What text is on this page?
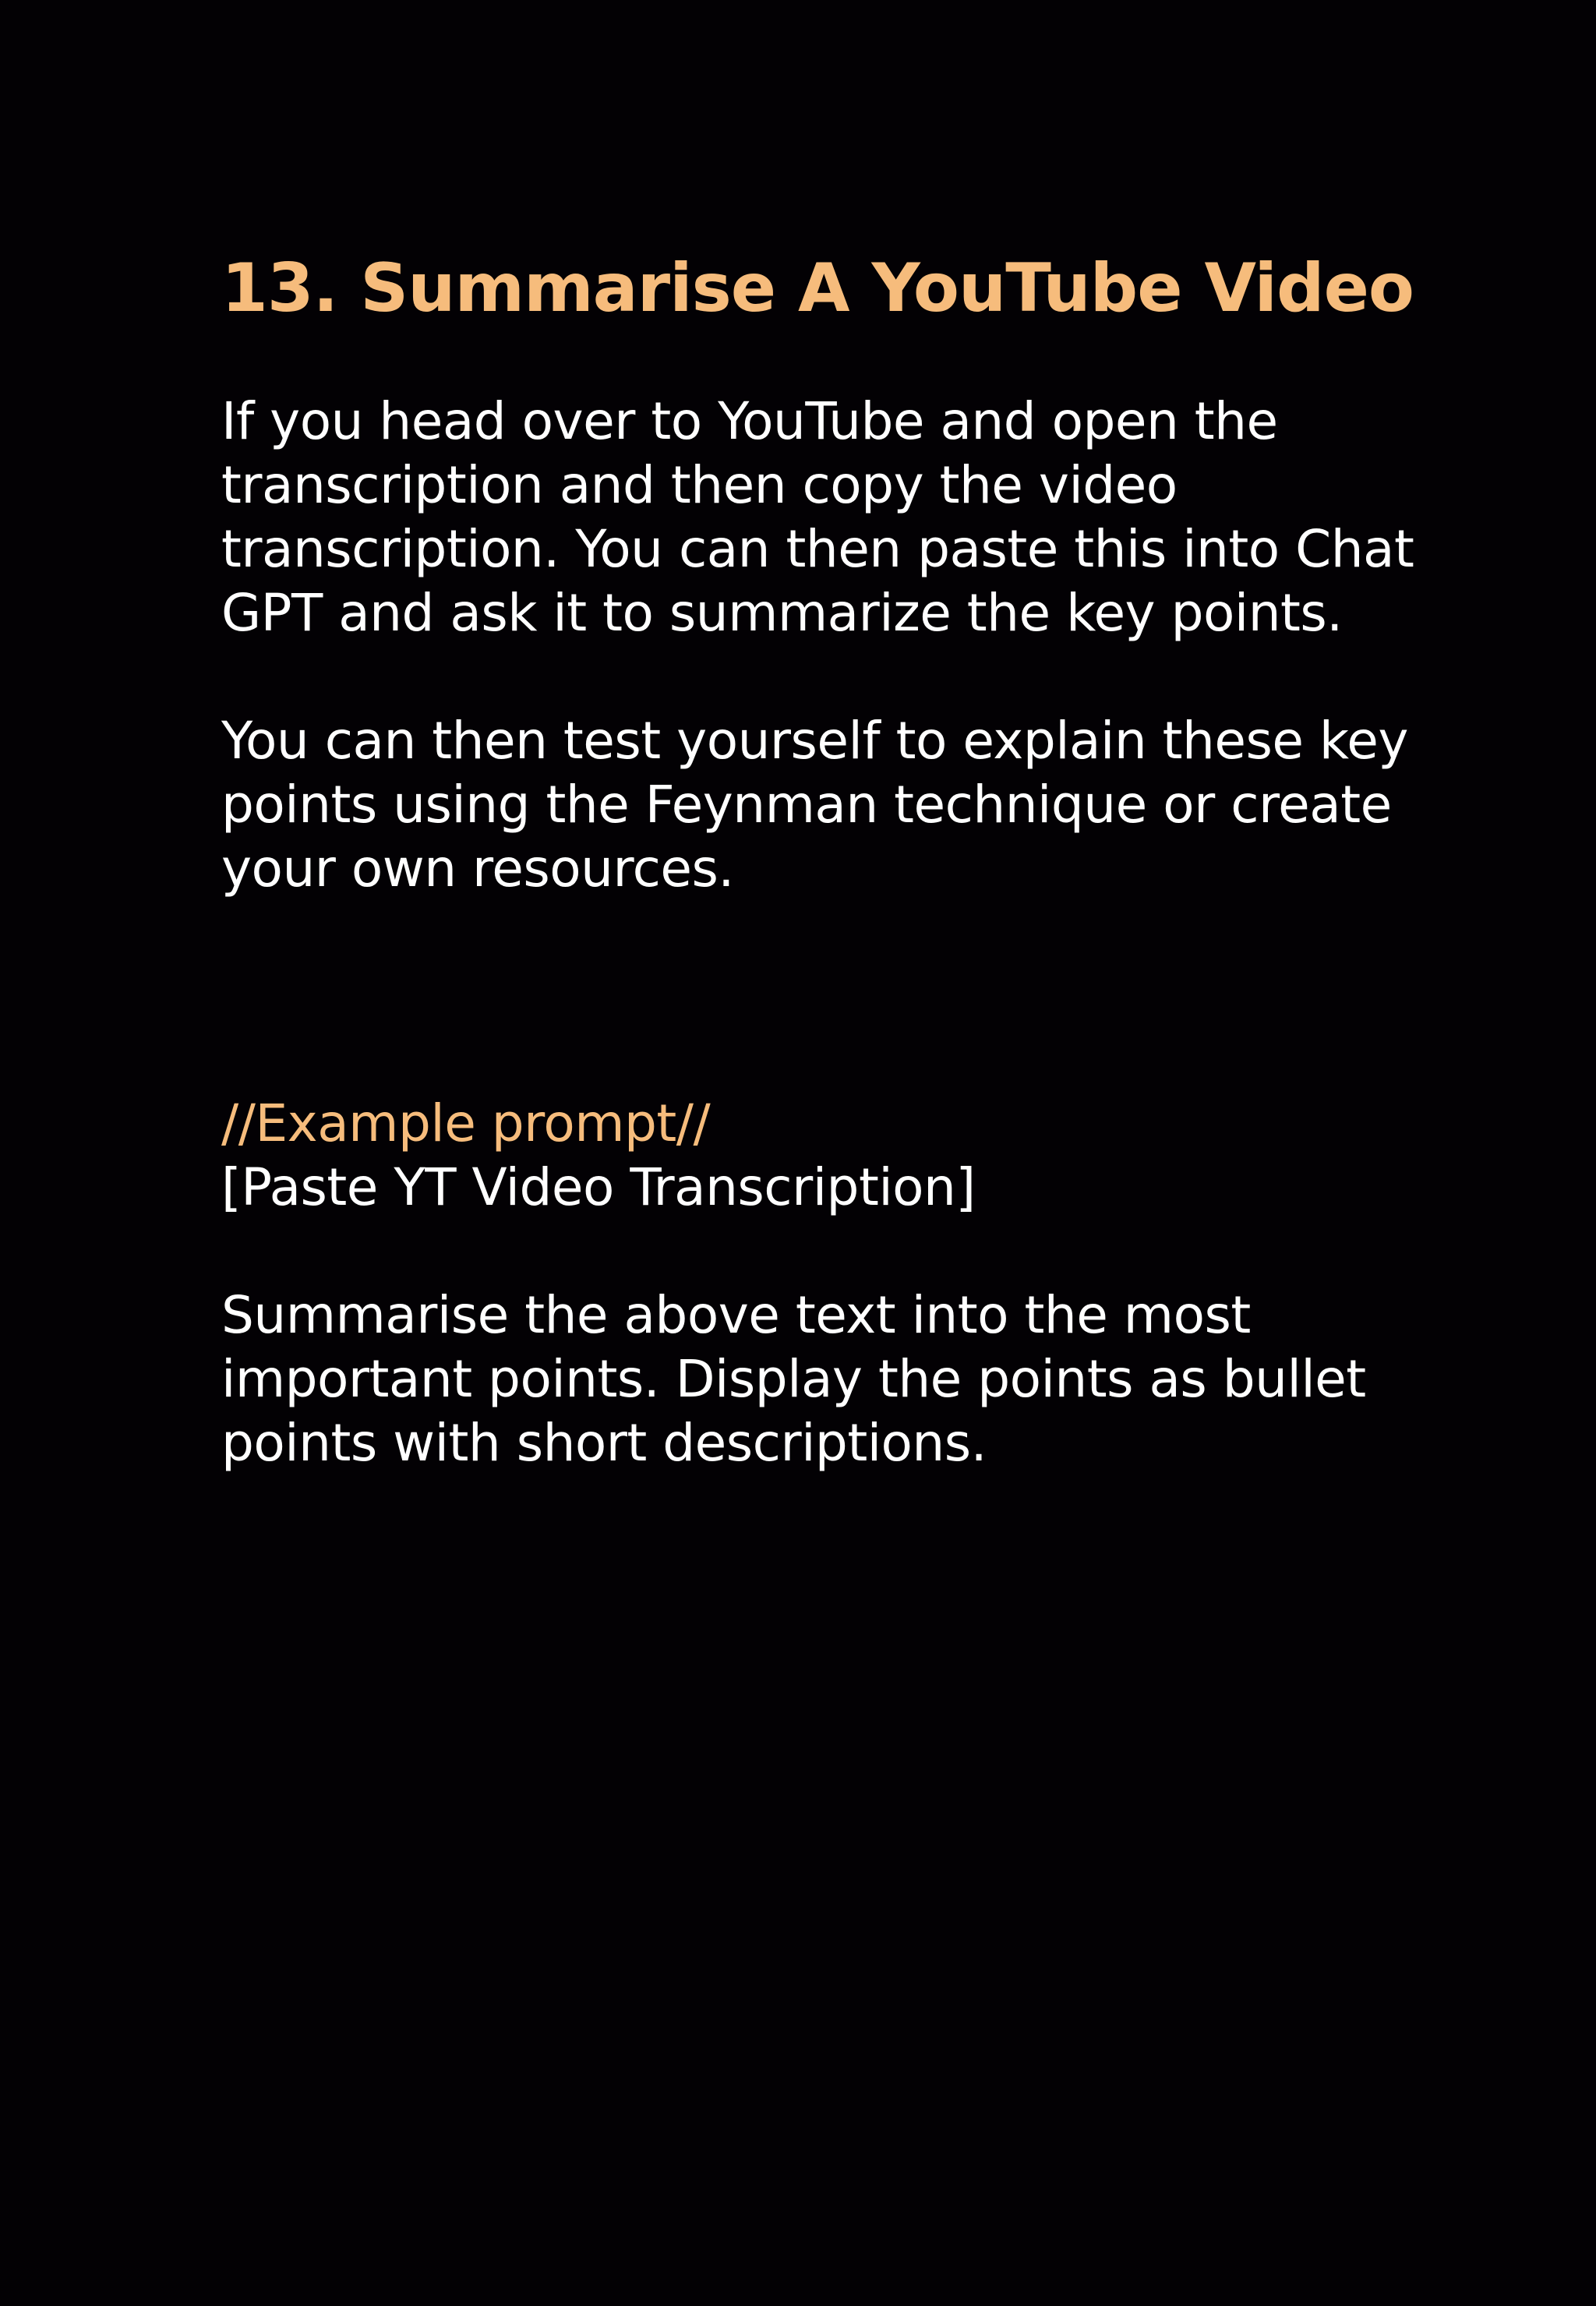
13. Summarise A YouTube Video

If you head over to YouTube and open the
transcription and then copy the video
transcription. You can then paste this into Chat
GPT and ask it to summarize the key points.

You can then test yourself to explain these key
points using the Feynman technique or create
your own resources.

//Example prompt//

[Paste YT Video Transcription]

Summarise the above text into the most
important points. Display the points as bullet
points with short descriptions.
